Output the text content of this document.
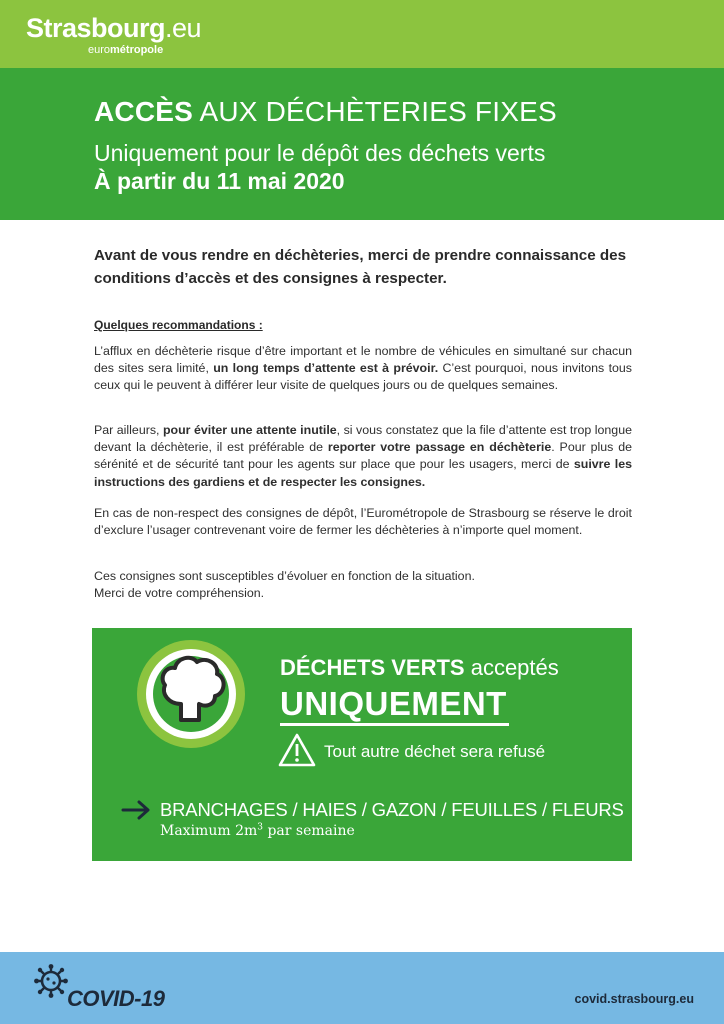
Strasbourg.eu
eurométropole
ACCÈS AUX DÉCHÈTERIES FIXES
Uniquement pour le dépôt des déchets verts
À partir du 11 mai 2020
Avant de vous rendre en déchèteries, merci de prendre connaissance des conditions d’accès et des consignes à respecter.
Quelques recommandations :
L’afflux en déchèterie risque d’être important et le nombre de véhicules en simultané sur chacun des sites sera limité, un long temps d’attente est à prévoir. C’est pourquoi, nous invitons tous ceux qui le peuvent à différer leur visite de quelques jours ou de quelques semaines.
Par ailleurs, pour éviter une attente inutile, si vous constatez que la file d’attente est trop longue devant la déchèterie, il est préférable de reporter votre passage en déchèterie. Pour plus de sérénité et de sécurité tant pour les agents sur place que pour les usagers, merci de suivre les instructions des gardiens et de respecter les consignes.
En cas de non-respect des consignes de dépôt, l’Eurométropole de Strasbourg se réserve le droit d’exclure l’usager contrevenant voire de fermer les déchèteries à n’importe quel moment.
Ces consignes sont susceptibles d’évoluer en fonction de la situation.
Merci de votre compréhension.
DÉCHETS VERTS acceptés
UNIQUEMENT
Tout autre déchet sera refusé
BRANCHAGES / HAIES / GAZON / FEUILLES / FLEURS
Maximum $2m^3$ par semaine
COVID-19	covid.strasbourg.eu
